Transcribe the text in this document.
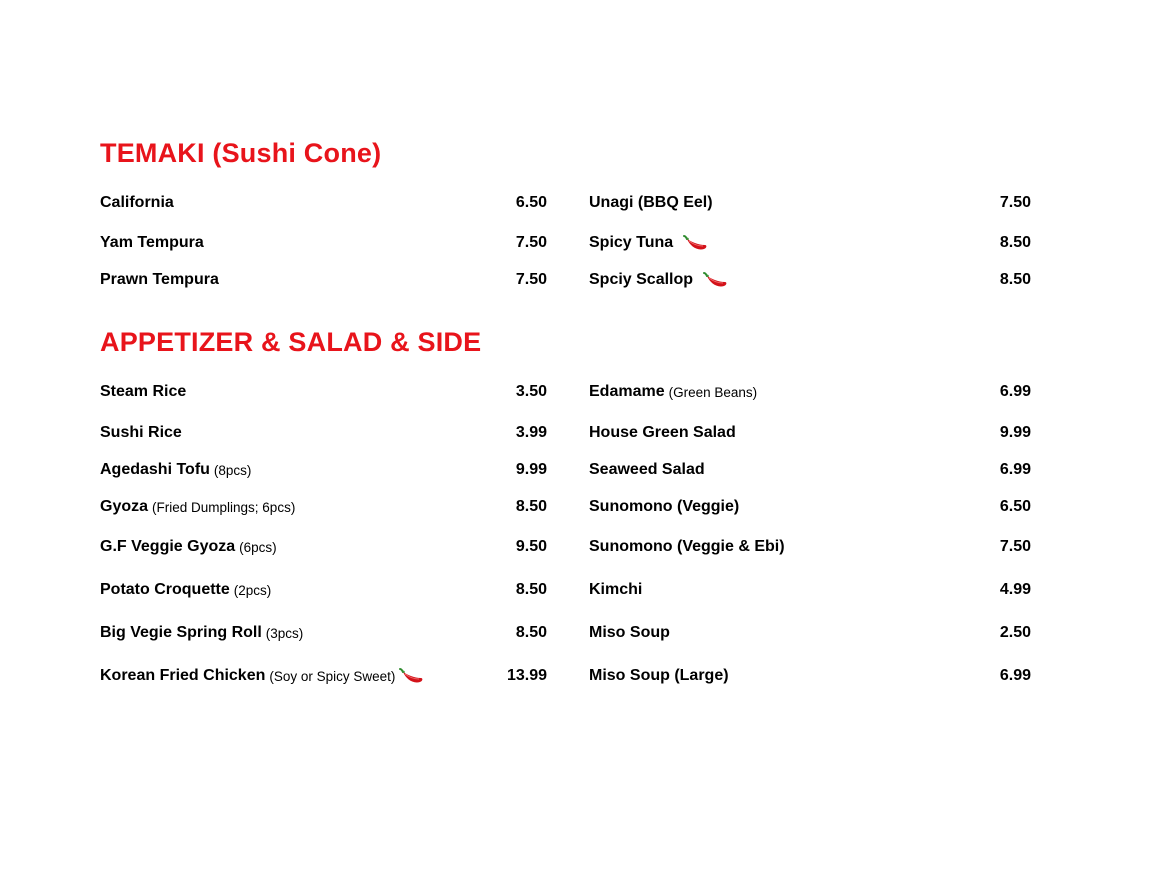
TEMAKI (Sushi Cone)
California	6.50
Yam Tempura	7.50
Prawn Tempura	7.50
Unagi (BBQ Eel)	7.50
Spicy Tuna	8.50
Spciy Scallop	8.50
APPETIZER & SALAD & SIDE
Steam Rice	3.50
Sushi Rice	3.99
Agedashi Tofu (8pcs)	9.99
Gyoza (Fried Dumplings; 6pcs)	8.50
G.F Veggie Gyoza (6pcs)	9.50
Potato Croquette (2pcs)	8.50
Big Vegie Spring Roll (3pcs)	8.50
Korean Fried Chicken (Soy or Spicy Sweet)	13.99
Edamame (Green Beans)	6.99
House Green Salad	9.99
Seaweed Salad	6.99
Sunomono (Veggie)	6.50
Sunomono (Veggie & Ebi)	7.50
Kimchi	4.99
Miso Soup	2.50
Miso Soup (Large)	6.99
